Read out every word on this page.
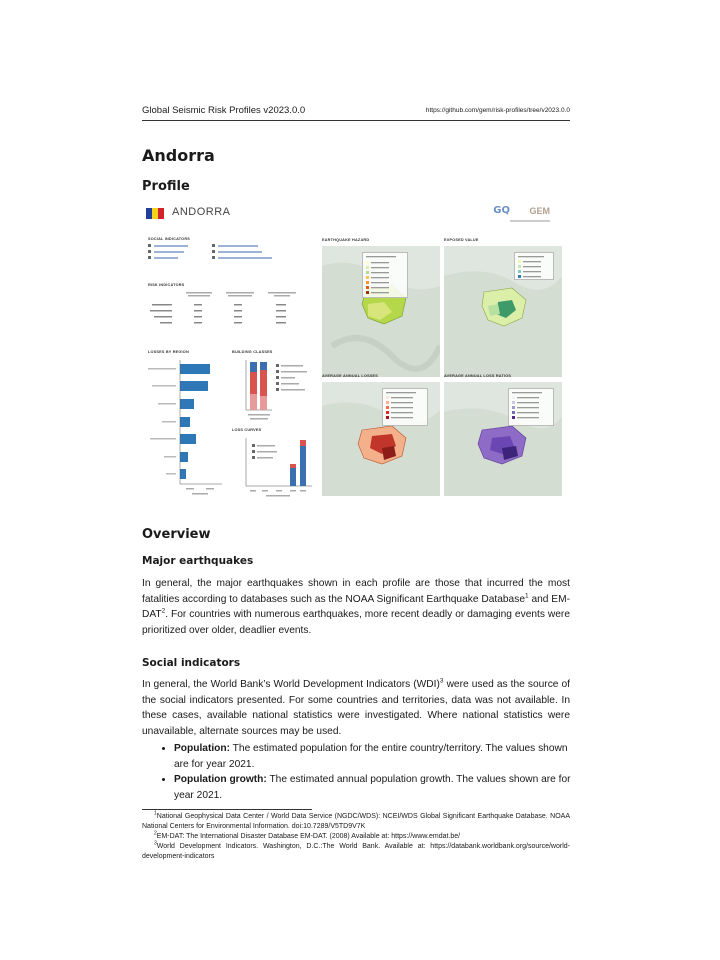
Global Seismic Risk Profiles v2023.0.0	https://github.com/gem/risk-profiles/tree/v2023.0.0
Andorra
Profile
ANDORRA	GQ GEM
SOCIAL INDICATORS
RISK INDICATORS
LOSSES BY REGION	BUILDING CLASSES
LOSS CURVES
EARTHQUAKE HAZARD	EXPOSED VALUE
AVERAGE ANNUAL LOSSES	AVERAGE ANNUAL LOSS RATIOS
Overview
Major earthquakes

In general, the major earthquakes shown in each profile are those that incurred the most fatalities according to databases such as the NOAA Significant Earthquake Database$^1$ and EM-DAT$^2$. For countries with numerous earthquakes, more recent deadly or damaging events were prioritized over older, deadlier events.

Social indicators

In general, the World Bank’s World Development Indicators (WDI)$^3$ were used as the source of the social indicators presented. For some countries and territories, data was not available. In these cases, available national statistics were investigated. Where national statistics were unavailable, alternate sources may be used.

• Population: The estimated population for the entire country/territory. The values shown are for year 2021.
• Population growth: The estimated annual population growth. The values shown are for year 2021.

$^1$National Geophysical Data Center / World Data Service (NGDC/WDS): NCEI/WDS Global Significant Earthquake Database. NOAA National Centers for Environmental Information. doi:10.7289/V5TD9V7K

$^2$EM-DAT: The International Disaster Database EM-DAT. (2008) Available at: https://www.emdat.be/

$^3$World Development Indicators. Washington, D.C.:The World Bank. Available at: https://databank.worldbank.org/source/world-development-indicators
